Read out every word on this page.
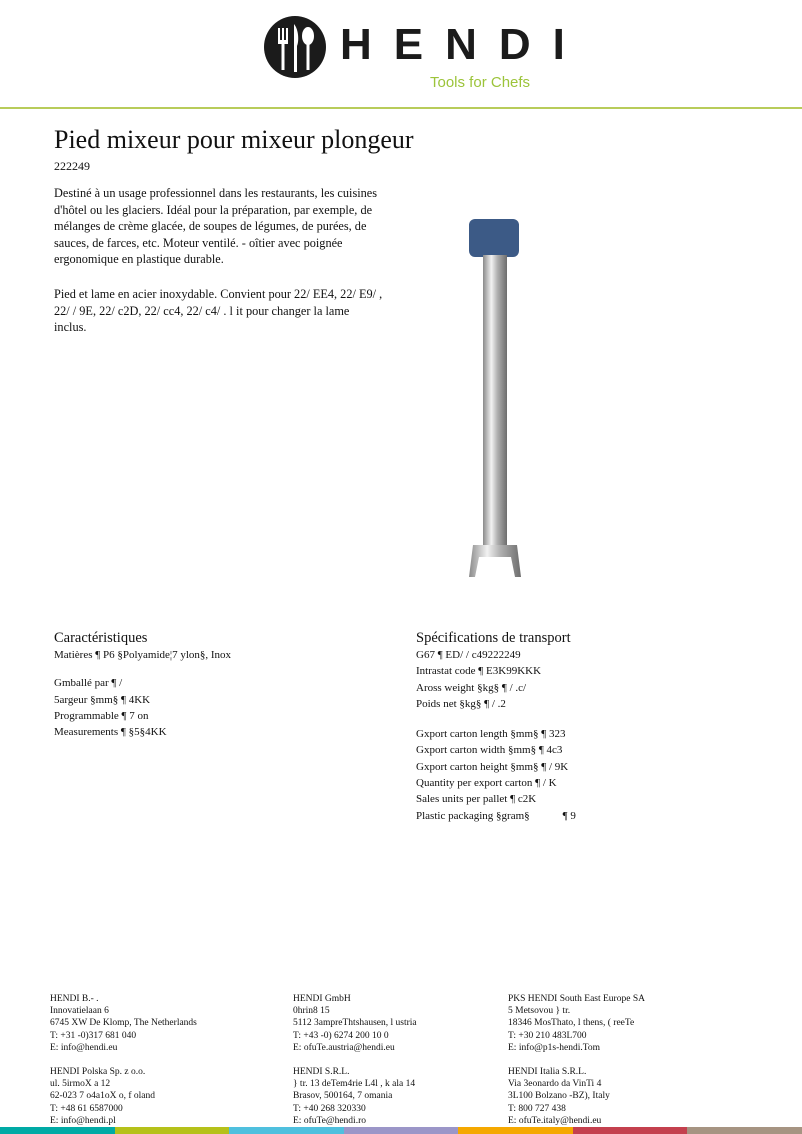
HENDI
Tools for Chefs
Pied mixeur pour mixeur plongeur
222249

Destiné à un usage professionnel dans les restaurants, les cuisines d'hôtel ou les glaciers. Idéal pour la préparation, par exemple, de mélanges de crème glacée, de soupes de légumes, de purées, de sauces, de farces, etc. Moteur ventilé. - oîtier avec poignée ergonomique en plastique durable.

Pied et lame en acier inoxydable. Convient pour 22/ EE4, 22/ E9/ , 22/ / 9E, 22/ c2D, 22/ cc4, 22/ c4/ . l it pour changer la lame inclus.

Caractéristiques
Matières ¶ P6 §Polyamide¦7 ylon§, Inox
Gmballé par ¶ /
5argeur §mm§ ¶ 4KK
Programmable ¶ 7 on
Measurements ¶ §5§4KK
Spécifications de transport
G67 ¶ ED/ / c49222249
Intrastat code ¶ E3K99KKK
Aross weight §kg§ ¶ / .c/
Poids net §kg§ ¶ / .2
Gxport carton length §mm§ ¶ 323
Gxport carton width §mm§ ¶ 4c3
Gxport carton height §mm§ ¶ / 9K
Quantity per export carton ¶ / K
Sales units per pallet ¶ c2K
Plastic packaging §gram§            ¶ 9
HENDI B.- .
Innovatielaan 6
6745 XW De Klomp, The Netherlands
T: +31 -0)317 681 040
E: info@hendi.eu
HENDI Polska Sp. z o.o.
ul. 5irmoX a 12
62-023 7 o4a1oX o, f oland
T: +48 61 6587000
E: info@hendi.pl
HENDI GmbH
0hrin8 15
5112 3ampreThtshausen, l ustria
T: +43 -0) 6274 200 10 0
E: ofuTe.austria@hendi.eu
HENDI S.R.L.
} tr. 13 deTem4rie L4l , k ala 14
Brasov, 500164, 7 omania
T: +40 268 320330
E: ofuTe@hendi.ro
PKS HENDI South East Europe SA
5 Metsovou } tr.
18346 MosThato, l thens, ( reeTe
T: +30 210 483L700
E: info@p1s-hendi.Tom
HENDI Italia S.R.L.
Via 3eonardo da VinTi 4
3L100 Bolzano -BZ), Italy
T: 800 727 438
E: ofuTe.italy@hendi.eu
